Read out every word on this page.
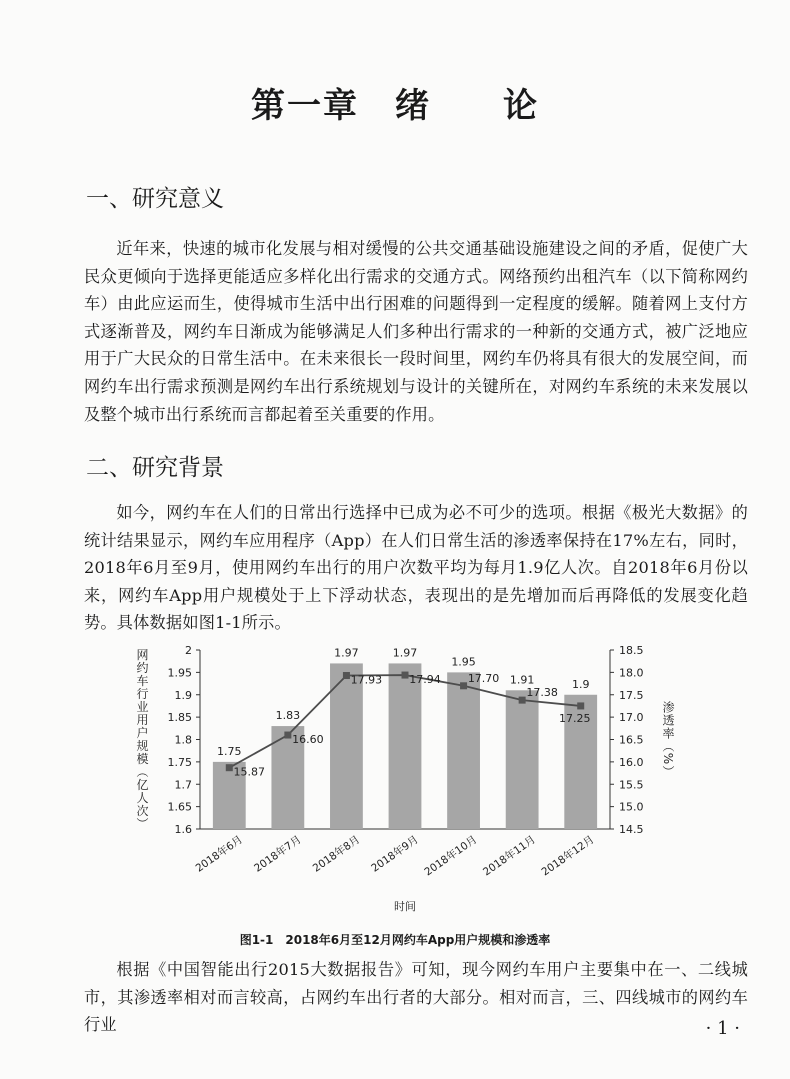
第一章　绪　　论
一、研究意义

近年来，快速的城市化发展与相对缓慢的公共交通基础设施建设之间的矛盾，促使广大民众更倾向于选择更能适应多样化出行需求的交通方式。网络预约出租汽车（以下简称网约车）由此应运而生，使得城市生活中出行困难的问题得到一定程度的缓解。随着网上支付方式逐渐普及，网约车日渐成为能够满足人们多种出行需求的一种新的交通方式，被广泛地应用于广大民众的日常生活中。在未来很长一段时间里，网约车仍将具有很大的发展空间，而网约车出行需求预测是网约车出行系统规划与设计的关键所在，对网约车系统的未来发展以及整个城市出行系统而言都起着至关重要的作用。

二、研究背景

如今，网约车在人们的日常出行选择中已成为必不可少的选项。根据《极光大数据》的统计结果显示，网约车应用程序（App）在人们日常生活的渗透率保持在17%左右，同时，2018年6月至9月，使用网约车出行的用户次数平均为每月1.9亿人次。自2018年6月份以来，网约车App用户规模处于上下浮动状态，表现出的是先增加而后再降低的发展变化趋势。具体数据如图1-1所示。

1.6
1.65
1.7
1.75
1.8
1.85
1.9
1.95
2
14.5
15.0
15.5
16.0
16.5
17.0
17.5
18.0
18.5
1.75
1.83
1.97	1.97
1.95
1.91	1.9
15.87
16.60
17.93 17.94 17.70
17.38
17.25
2018年6月 2018年7月 2018年8月 2018年9月 2018年10月 2018年11月 2018年12月
时间
网约车行业用户规模（亿人次）	渗透率（%）

图1-1　2018年6月至12月网约车App用户规模和渗透率

根据《中国智能出行2015大数据报告》可知，现今网约车用户主要集中在一、二线城市，其渗透率相对而言较高，占网约车出行者的大部分。相对而言，三、四线城市的网约车行业	· 1 ·
